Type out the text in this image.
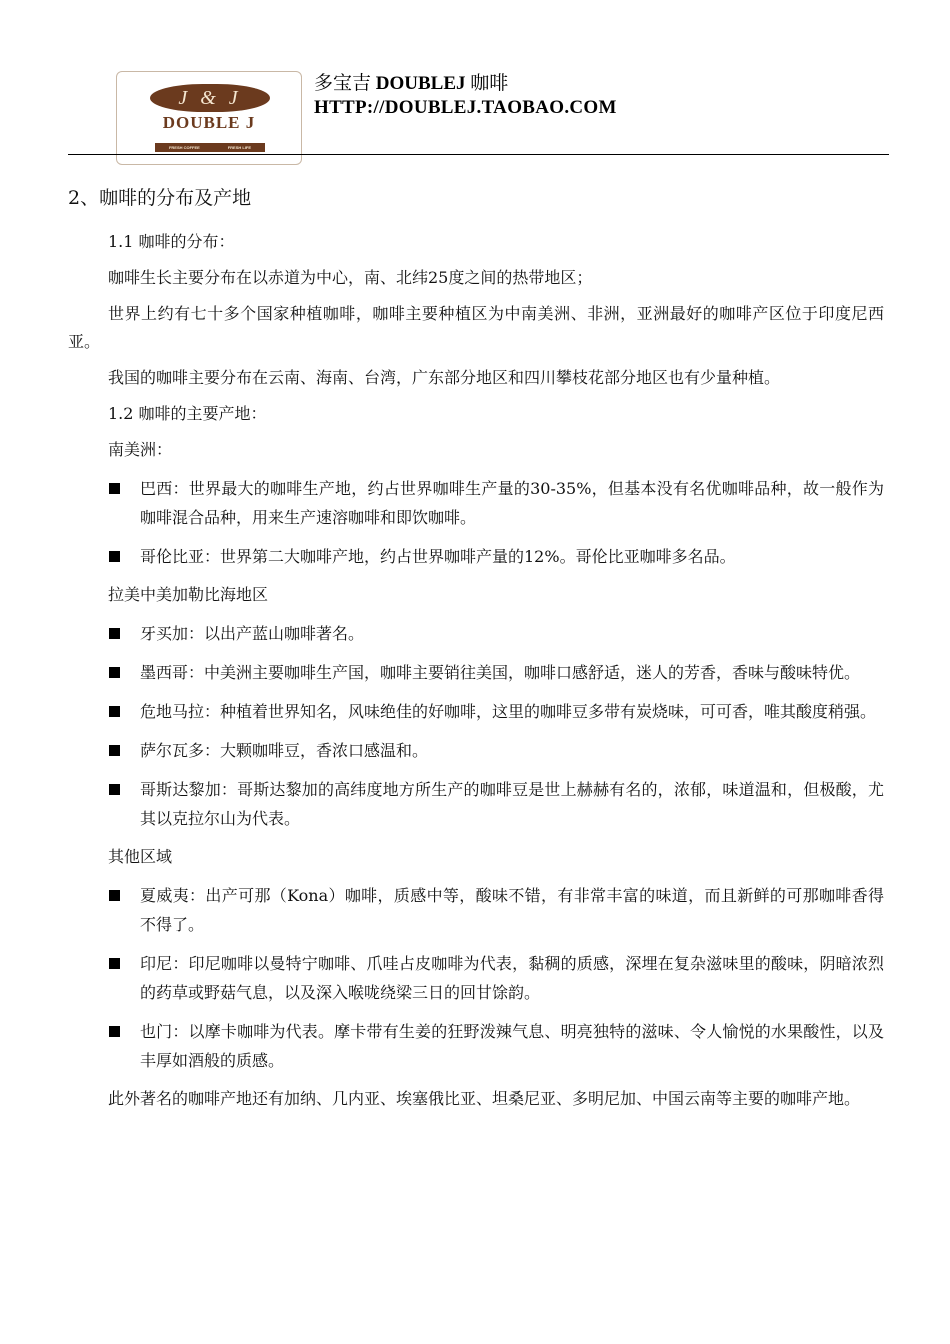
J & J
DOUBLE J
FRESH COFFEE	FRESH LIFE
多宝吉 DOUBLEJ 咖啡
HTTP://DOUBLEJ.TAOBAO.COM
2、咖啡的分布及产地
1.1 咖啡的分布：
咖啡生长主要分布在以赤道为中心，南、北纬25度之间的热带地区；
世界上约有七十多个国家种植咖啡，咖啡主要种植区为中南美洲、非洲，亚洲最好的咖啡产区位于印度尼西亚。
我国的咖啡主要分布在云南、海南、台湾，广东部分地区和四川攀枝花部分地区也有少量种植。
1.2 咖啡的主要产地：
南美洲：
巴西：世界最大的咖啡生产地，约占世界咖啡生产量的30-35%，但基本没有名优咖啡品种，故一般作为咖啡混合品种，用来生产速溶咖啡和即饮咖啡。
哥伦比亚：世界第二大咖啡产地，约占世界咖啡产量的12%。哥伦比亚咖啡多名品。
拉美中美加勒比海地区
牙买加：以出产蓝山咖啡著名。
墨西哥：中美洲主要咖啡生产国，咖啡主要销往美国，咖啡口感舒适，迷人的芳香，香味与酸味特优。
危地马拉：种植着世界知名，风味绝佳的好咖啡，这里的咖啡豆多带有炭烧味，可可香，唯其酸度稍强。
萨尔瓦多：大颗咖啡豆，香浓口感温和。
哥斯达黎加：哥斯达黎加的高纬度地方所生产的咖啡豆是世上赫赫有名的，浓郁，味道温和，但极酸，尤其以克拉尔山为代表。
其他区域
夏威夷：出产可那（Kona）咖啡，质感中等，酸味不错，有非常丰富的味道，而且新鲜的可那咖啡香得不得了。
印尼：印尼咖啡以曼特宁咖啡、爪哇占皮咖啡为代表，黏稠的质感，深埋在复杂滋味里的酸味，阴暗浓烈的药草或野菇气息，以及深入喉咙绕梁三日的回甘馀韵。
也门：以摩卡咖啡为代表。摩卡带有生姜的狂野泼辣气息、明亮独特的滋味、令人愉悦的水果酸性，以及丰厚如酒般的质感。
此外著名的咖啡产地还有加纳、几内亚、埃塞俄比亚、坦桑尼亚、多明尼加、中国云南等主要的咖啡产地。
